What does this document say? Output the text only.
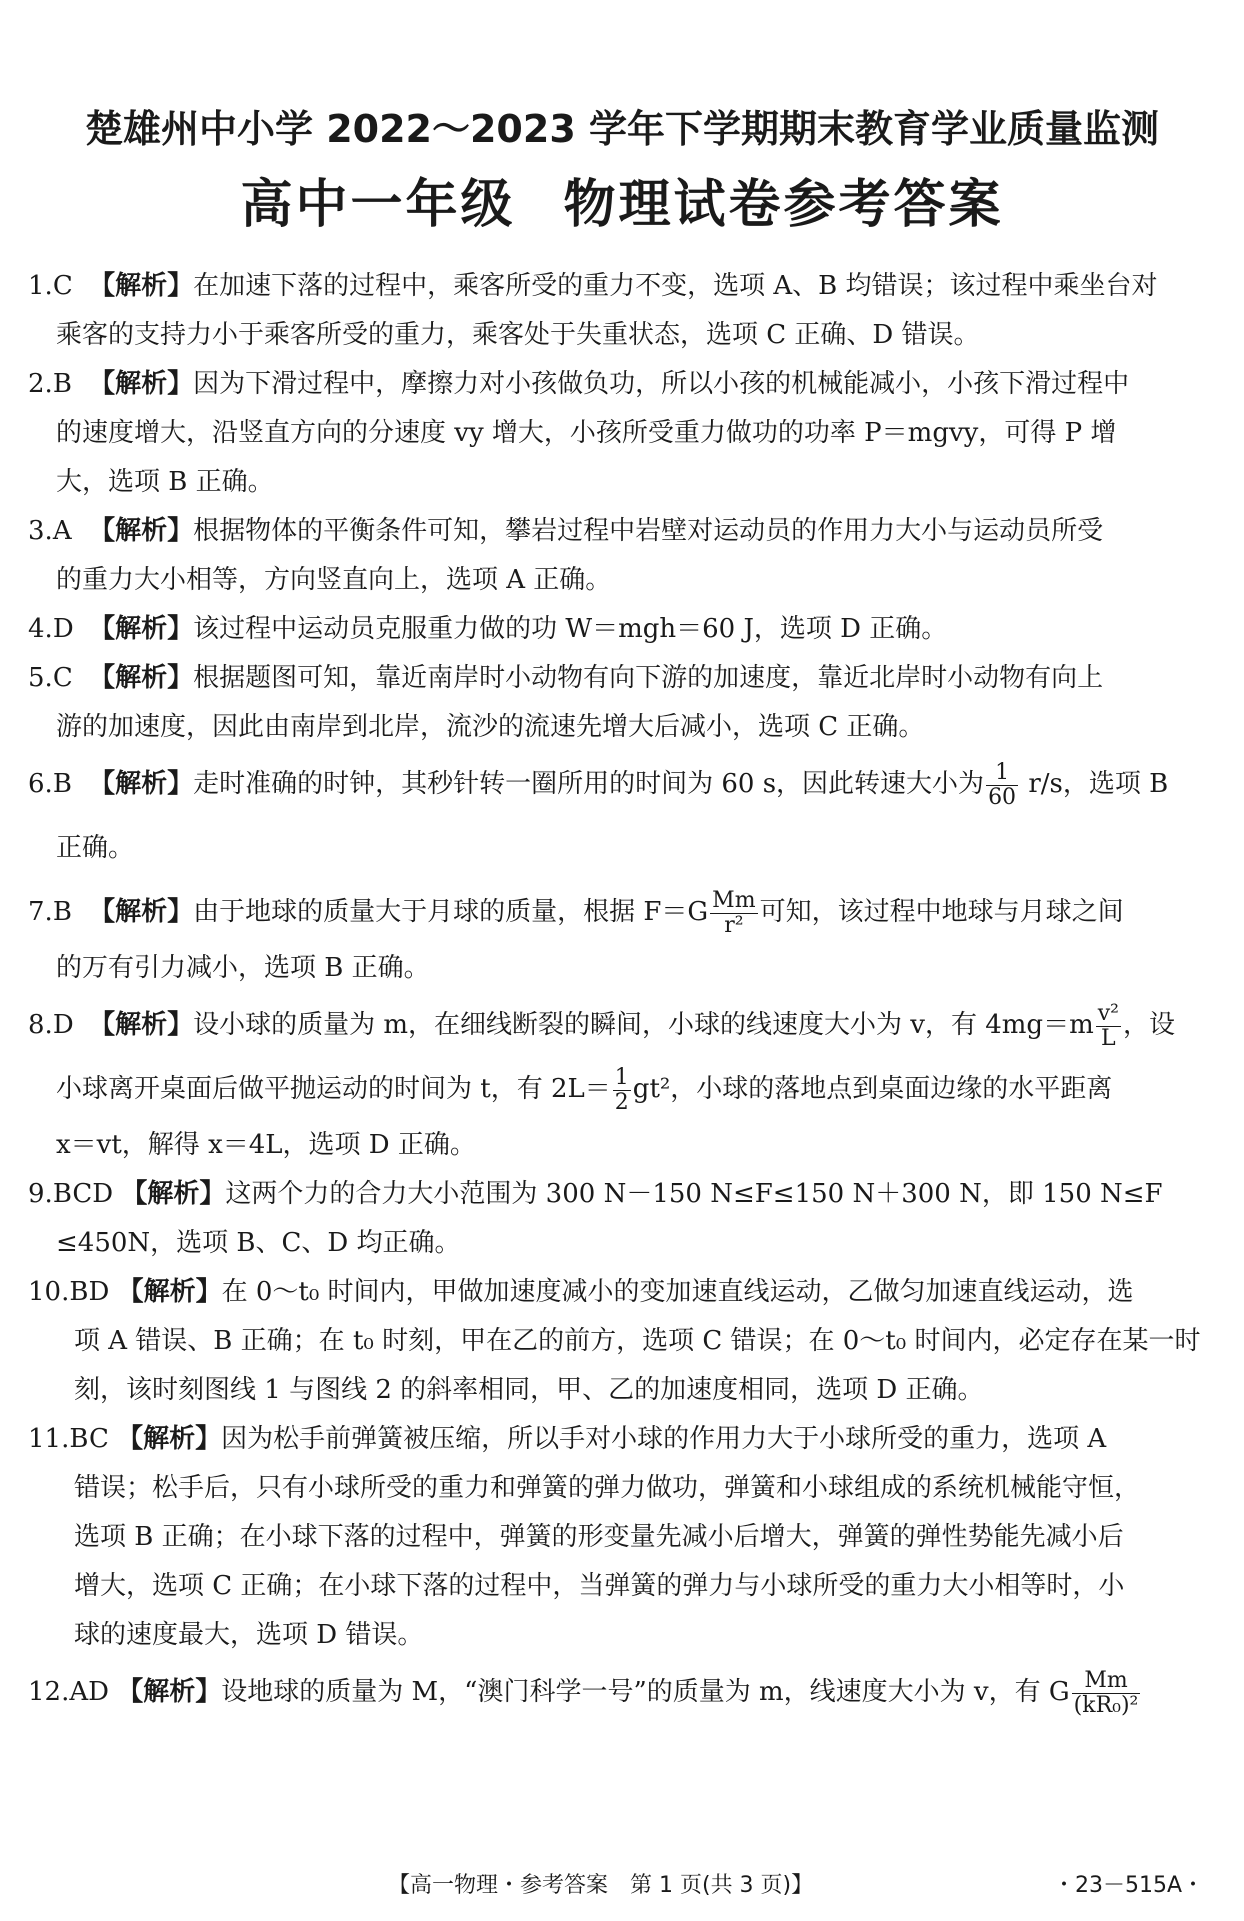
楚雄州中小学 2022～2023 学年下学期期末教育学业质量监测
高中一年级 物理试卷参考答案
1.C 【解析】在加速下落的过程中，乘客所受的重力不变，选项 A、B 均错误；该过程中乘坐台对
乘客的支持力小于乘客所受的重力，乘客处于失重状态，选项 C 正确、D 错误。
2.B 【解析】因为下滑过程中，摩擦力对小孩做负功，所以小孩的机械能减小，小孩下滑过程中
的速度增大，沿竖直方向的分速度 vy 增大，小孩所受重力做功的功率 P＝mgvy，可得 P 增
大，选项 B 正确。
3.A 【解析】根据物体的平衡条件可知，攀岩过程中岩壁对运动员的作用力大小与运动员所受
的重力大小相等，方向竖直向上，选项 A 正确。
4.D 【解析】该过程中运动员克服重力做的功 W＝mgh＝60 J，选项 D 正确。
5.C 【解析】根据题图可知，靠近南岸时小动物有向下游的加速度，靠近北岸时小动物有向上
游的加速度，因此由南岸到北岸，流沙的流速先增大后减小，选项 C 正确。
6.B 【解析】走时准确的时钟，其秒针转一圈所用的时间为 60 s，因此转速大小为 $\frac{1}{60} r/s$，选项 B
正确。
7.B 【解析】由于地球的质量大于月球的质量，根据 $F=G \frac{Mm}{\text{r²}}$ 可知，该过程中地球与月球之间
的万有引力减小，选项 B 正确。
8.D 【解析】设小球的质量为 m，在细线断裂的瞬间，小球的线速度大小为 v，有 $4mg=m \frac{\text{v²}}{L}$ ，设
小球离开桌面后做平抛运动的时间为 t，有 $2L= \frac{1}{2} gt^2$，小球的落地点到桌面边缘的水平距离
x＝vt，解得 x＝4L，选项 D 正确。
9.BCD 【解析】这两个力的合力大小范围为 300 N－150 N≤F≤150 N＋300 N，即 150 N≤F
≤450N，选项 B、C、D 均正确。
10.BD 【解析】在 0～t₀ 时间内，甲做加速度减小的变加速直线运动，乙做匀加速直线运动，选
项 A 错误、B 正确；在 t₀ 时刻，甲在乙的前方，选项 C 错误；在 0～t₀ 时间内，必定存在某一时
刻，该时刻图线 1 与图线 2 的斜率相同，甲、乙的加速度相同，选项 D 正确。
11.BC 【解析】因为松手前弹簧被压缩，所以手对小球的作用力大于小球所受的重力，选项 A
错误；松手后，只有小球所受的重力和弹簧的弹力做功，弹簧和小球组成的系统机械能守恒，
选项 B 正确；在小球下落的过程中，弹簧的形变量先减小后增大，弹簧的弹性势能先减小后
增大，选项 C 正确；在小球下落的过程中，当弹簧的弹力与小球所受的重力大小相等时，小
球的速度最大，选项 D 错误。
12.AD 【解析】设地球的质量为 M，“澳门科学一号”的质量为 m，线速度大小为 v，有 G $\frac{Mm}{\text{(kR₀)²}}$
【高一物理・参考答案　第 1 页(共 3 页)】	・23－515A・
